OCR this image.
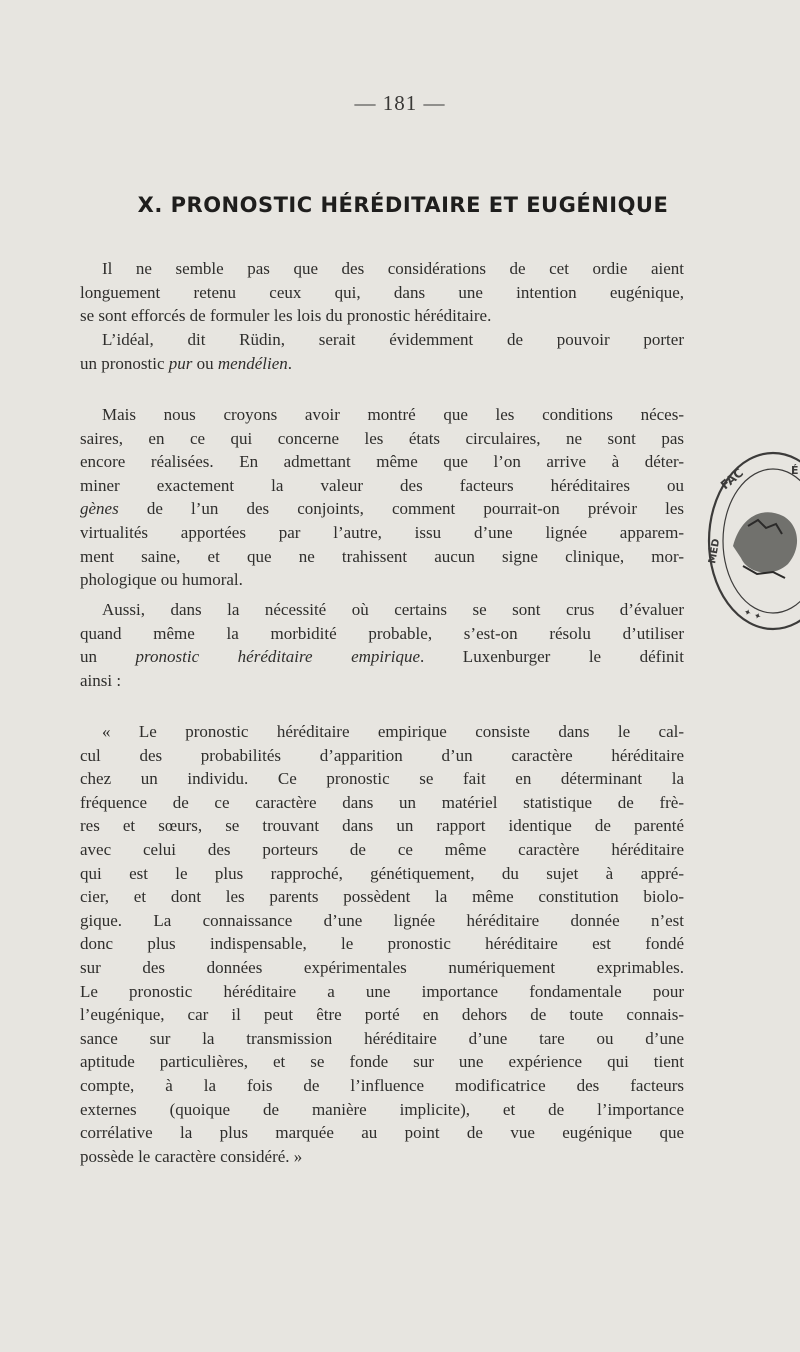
— 181 —
X. PRONOSTIC HÉRÉDITAIRE ET EUGÉNIQUE
Il ne semble pas que des considérations de cet ordie aient
longuement retenu ceux qui, dans une intention eugénique,
se sont efforcés de formuler les lois du pronostic héréditaire.
L’idéal, dit Rüdin, serait évidemment de pouvoir porter
un pronostic pur ou mendélien.
Mais nous croyons avoir montré que les conditions néces-
saires, en ce qui concerne les états circulaires, ne sont pas
encore réalisées. En admettant même que l’on arrive à déter-
miner exactement la valeur des facteurs héréditaires ou
gènes de l’un des conjoints, comment pourrait-on prévoir les
virtualités apportées par l’autre, issu d’une lignée apparem-
ment saine, et que ne trahissent aucun signe clinique, mor-
phologique ou humoral.
Aussi, dans la nécessité où certains se sont crus d’évaluer
quand même la morbidité probable, s’est-on résolu d’utiliser
un pronostic héréditaire empirique. Luxenburger le définit
ainsi :
« Le pronostic héréditaire empirique consiste dans le cal-
cul des probabilités d’apparition d’un caractère héréditaire
chez un individu. Ce pronostic se fait en déterminant la
fréquence de ce caractère dans un matériel statistique de frè-
res et sœurs, se trouvant dans un rapport identique de parenté
avec celui des porteurs de ce même caractère héréditaire
qui est le plus rapproché, génétiquement, du sujet à appré-
cier, et dont les parents possèdent la même constitution biolo-
gique. La connaissance d’une lignée héréditaire donnée n’est
donc plus indispensable, le pronostic héréditaire est fondé
sur des données expérimentales numériquement exprimables.
Le pronostic héréditaire a une importance fondamentale pour
l’eugénique, car il peut être porté en dehors de toute connais-
sance sur la transmission héréditaire d’une tare ou d’une
aptitude particulières, et se fonde sur une expérience qui tient
compte, à la fois de l’influence modificatrice des facteurs
externes (quoique de manière implicite), et de l’importance
corrélative la plus marquée au point de vue eugénique que
possède le caractère considéré. »
FAC	É
MÉD
✦ ✦
